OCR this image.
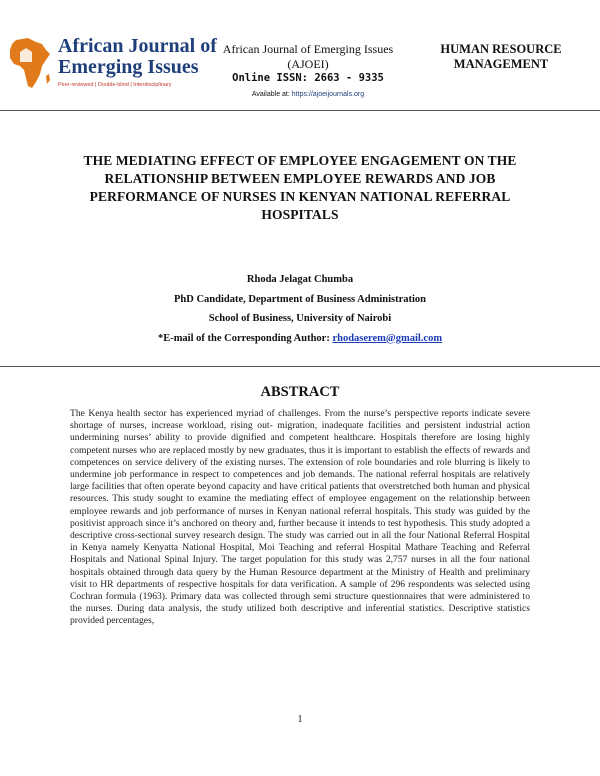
African Journal of
Emerging Issues
Peer-reviewed | Double-blind | Interdisciplinary
African Journal of Emerging Issues
(AJOEI)
Online ISSN: 2663 - 9335
Available at: https://ajoeijournals.org
HUMAN RESOURCE
MANAGEMENT
THE MEDIATING EFFECT OF EMPLOYEE ENGAGEMENT ON THE RELATIONSHIP BETWEEN EMPLOYEE REWARDS AND JOB PERFORMANCE OF NURSES IN KENYAN NATIONAL REFERRAL HOSPITALS
Rhoda Jelagat Chumba
PhD Candidate, Department of Business Administration
School of Business, University of Nairobi
*E-mail of the Corresponding Author: rhodaserem@gmail.com
ABSTRACT
The Kenya health sector has experienced myriad of challenges. From the nurse’s perspective reports indicate severe shortage of nurses, increase workload, rising out- migration, inadequate facilities and persistent industrial action undermining nurses’ ability to provide dignified and competent healthcare. Hospitals therefore are losing highly competent nurses who are replaced mostly by new graduates, thus it is important to establish the effects of rewards and competences on service delivery of the existing nurses. The extension of role boundaries and role blurring is likely to undermine job performance in respect to competences and job demands. The national referral hospitals are relatively large facilities that often operate beyond capacity and have critical patients that overstretched both human and physical resources. This study sought to examine the mediating effect of employee engagement on the relationship between employee rewards and job performance of nurses in Kenyan national referral hospitals. This study was guided by the positivist approach since it’s anchored on theory and, further because it intends to test hypothesis. This study adopted a descriptive cross-sectional survey research design. The study was carried out in all the four National Referral Hospital in Kenya namely Kenyatta National Hospital, Moi Teaching and referral Hospital Mathare Teaching and Referral Hospitals and National Spinal Injury. The target population for this study was 2,757 nurses in all the four national hospitals obtained through data query by the Human Resource department at the Ministry of Health and preliminary visit to HR departments of respective hospitals for data verification. A sample of 296 respondents was selected using Cochran formula (1963). Primary data was collected through semi structure questionnaires that were administered to the nurses. During data analysis, the study utilized both descriptive and inferential statistics. Descriptive statistics provided percentages,
1
